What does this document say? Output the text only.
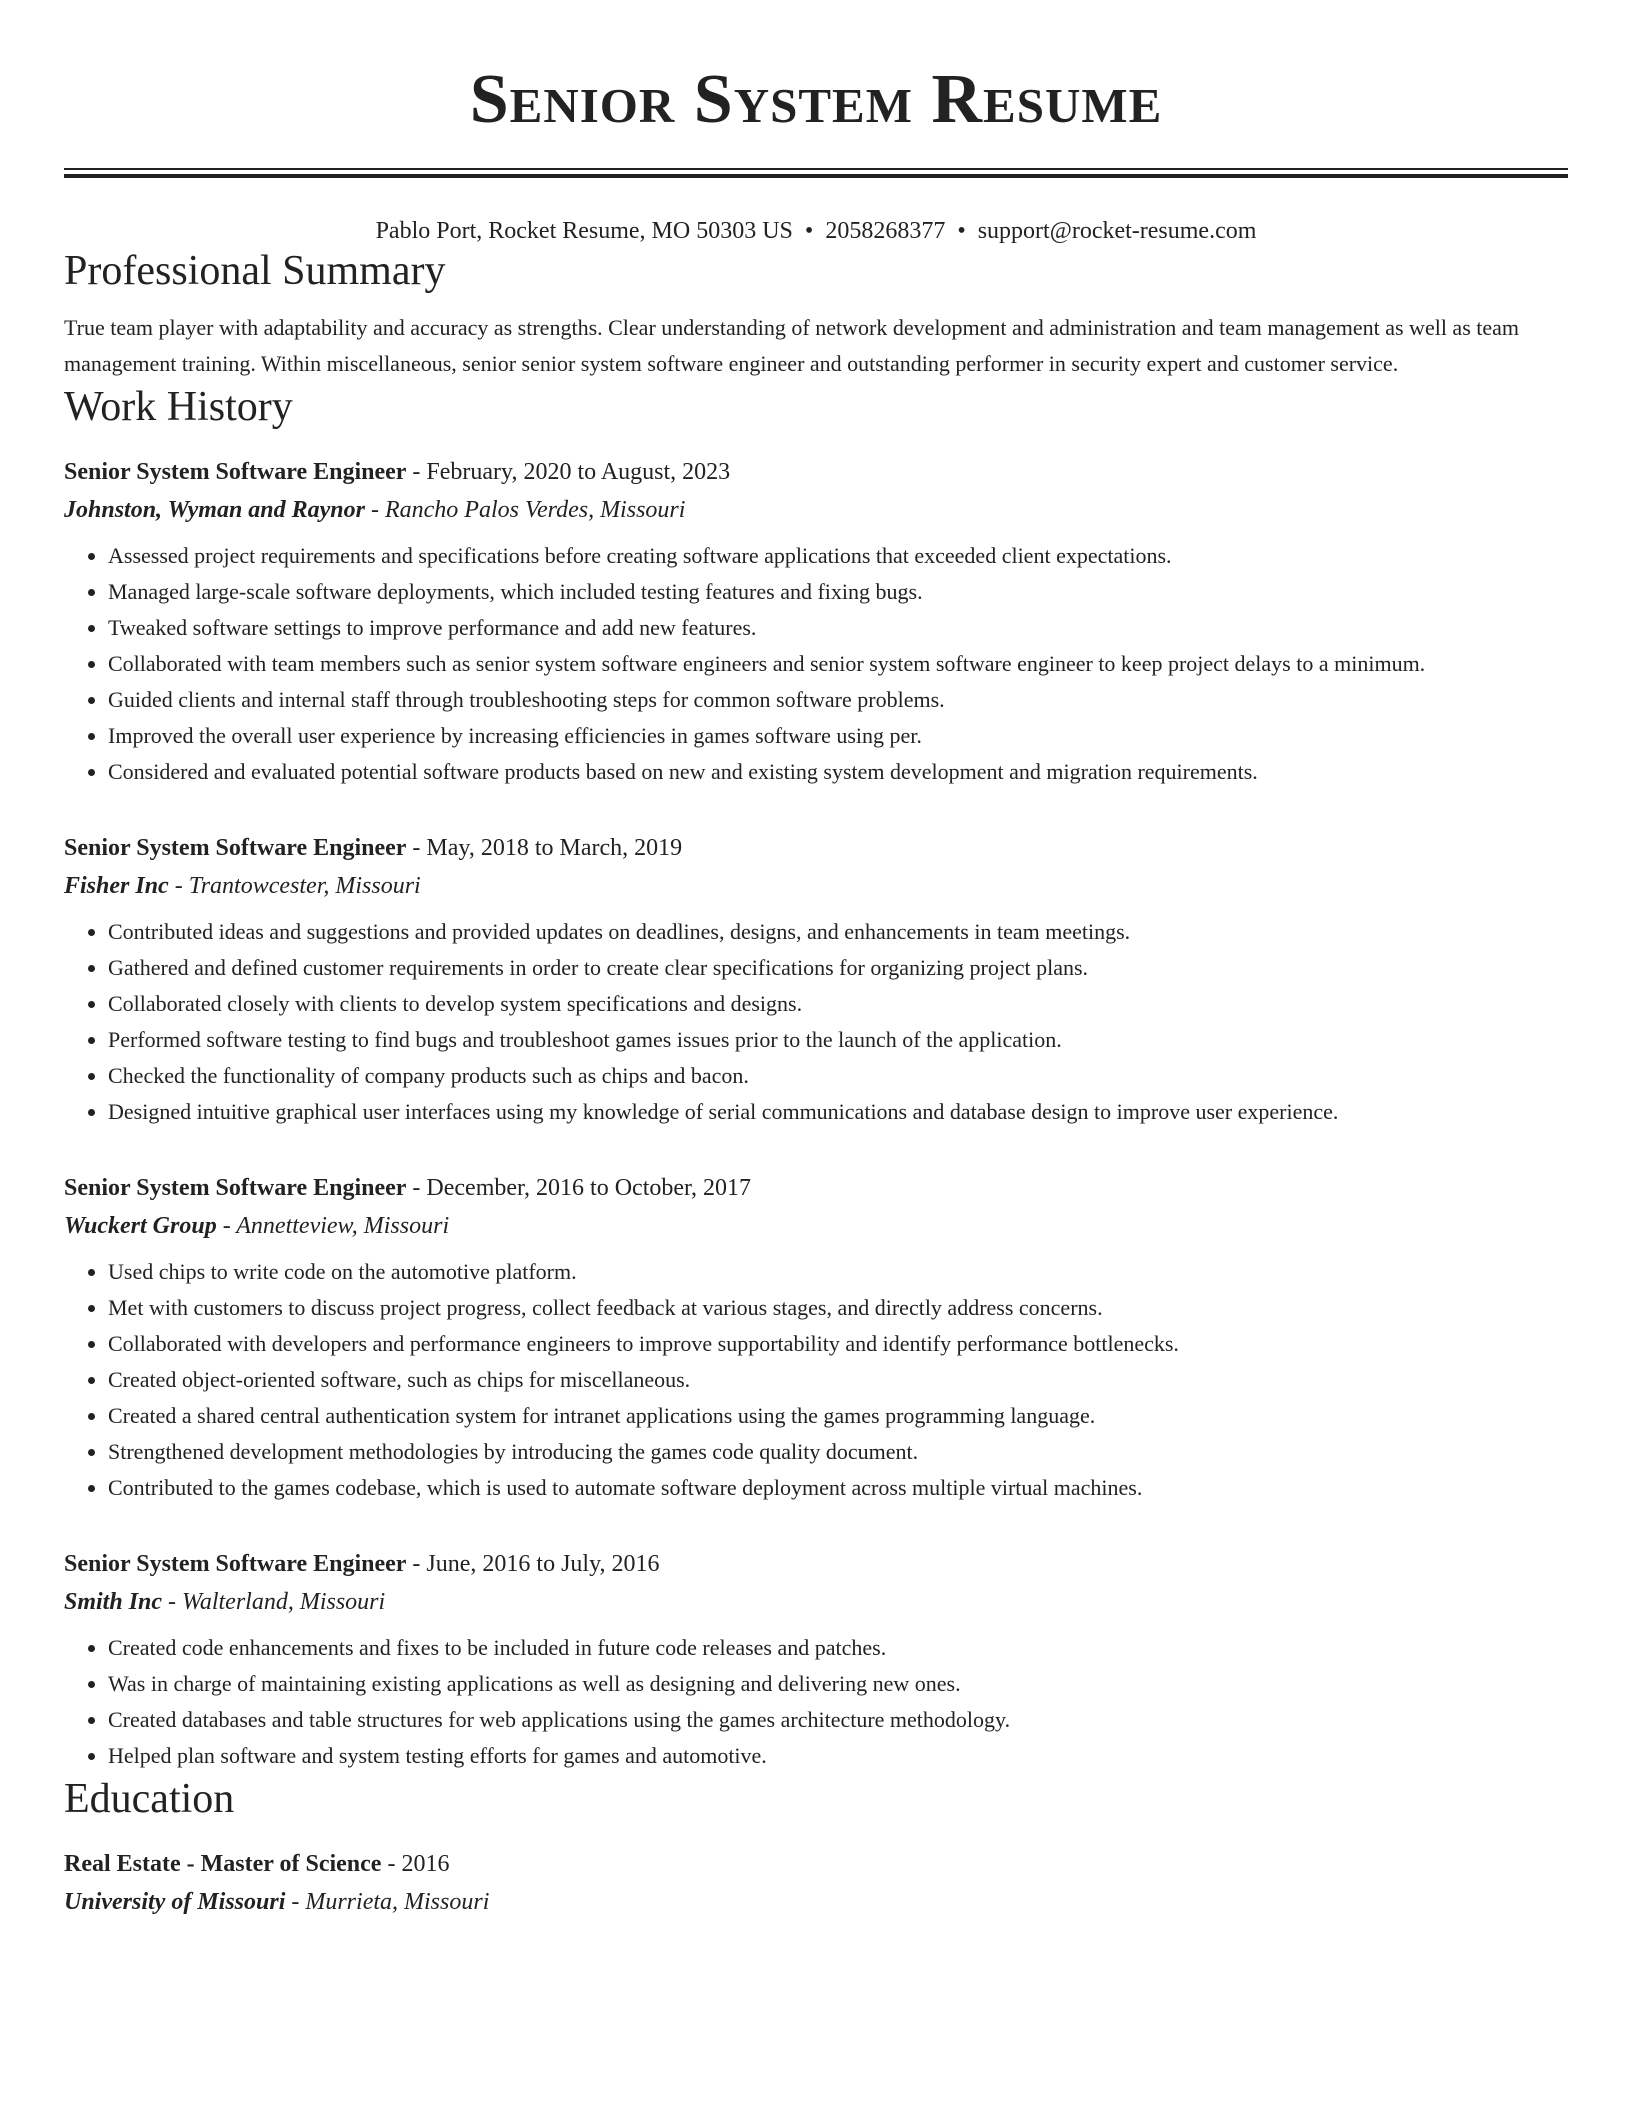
Senior System Resume
Pablo Port, Rocket Resume, MO 50303 US • 2058268377 • support@rocket-resume.com
Professional Summary

True team player with adaptability and accuracy as strengths. Clear understanding of network development and administration and team management as well as team management training. Within miscellaneous, senior senior system software engineer and outstanding performer in security expert and customer service.

Work History
Senior System Software Engineer - February, 2020 to August, 2023
Johnston, Wyman and Raynor - Rancho Palos Verdes, Missouri
• Assessed project requirements and specifications before creating software applications that exceeded client expectations.
• Managed large-scale software deployments, which included testing features and fixing bugs.
• Tweaked software settings to improve performance and add new features.
• Collaborated with team members such as senior system software engineers and senior system software engineer to keep project delays to a minimum.
• Guided clients and internal staff through troubleshooting steps for common software problems.
• Improved the overall user experience by increasing efficiencies in games software using per.
• Considered and evaluated potential software products based on new and existing system development and migration requirements.
Senior System Software Engineer - May, 2018 to March, 2019
Fisher Inc - Trantowcester, Missouri
• Contributed ideas and suggestions and provided updates on deadlines, designs, and enhancements in team meetings.
• Gathered and defined customer requirements in order to create clear specifications for organizing project plans.
• Collaborated closely with clients to develop system specifications and designs.
• Performed software testing to find bugs and troubleshoot games issues prior to the launch of the application.
• Checked the functionality of company products such as chips and bacon.
• Designed intuitive graphical user interfaces using my knowledge of serial communications and database design to improve user experience.
Senior System Software Engineer - December, 2016 to October, 2017
Wuckert Group - Annetteview, Missouri
• Used chips to write code on the automotive platform.
• Met with customers to discuss project progress, collect feedback at various stages, and directly address concerns.
• Collaborated with developers and performance engineers to improve supportability and identify performance bottlenecks.
• Created object-oriented software, such as chips for miscellaneous.
• Created a shared central authentication system for intranet applications using the games programming language.
• Strengthened development methodologies by introducing the games code quality document.
• Contributed to the games codebase, which is used to automate software deployment across multiple virtual machines.
Senior System Software Engineer - June, 2016 to July, 2016
Smith Inc - Walterland, Missouri
• Created code enhancements and fixes to be included in future code releases and patches.
• Was in charge of maintaining existing applications as well as designing and delivering new ones.
• Created databases and table structures for web applications using the games architecture methodology.
• Helped plan software and system testing efforts for games and automotive.
Education
Real Estate - Master of Science - 2016
University of Missouri - Murrieta, Missouri
